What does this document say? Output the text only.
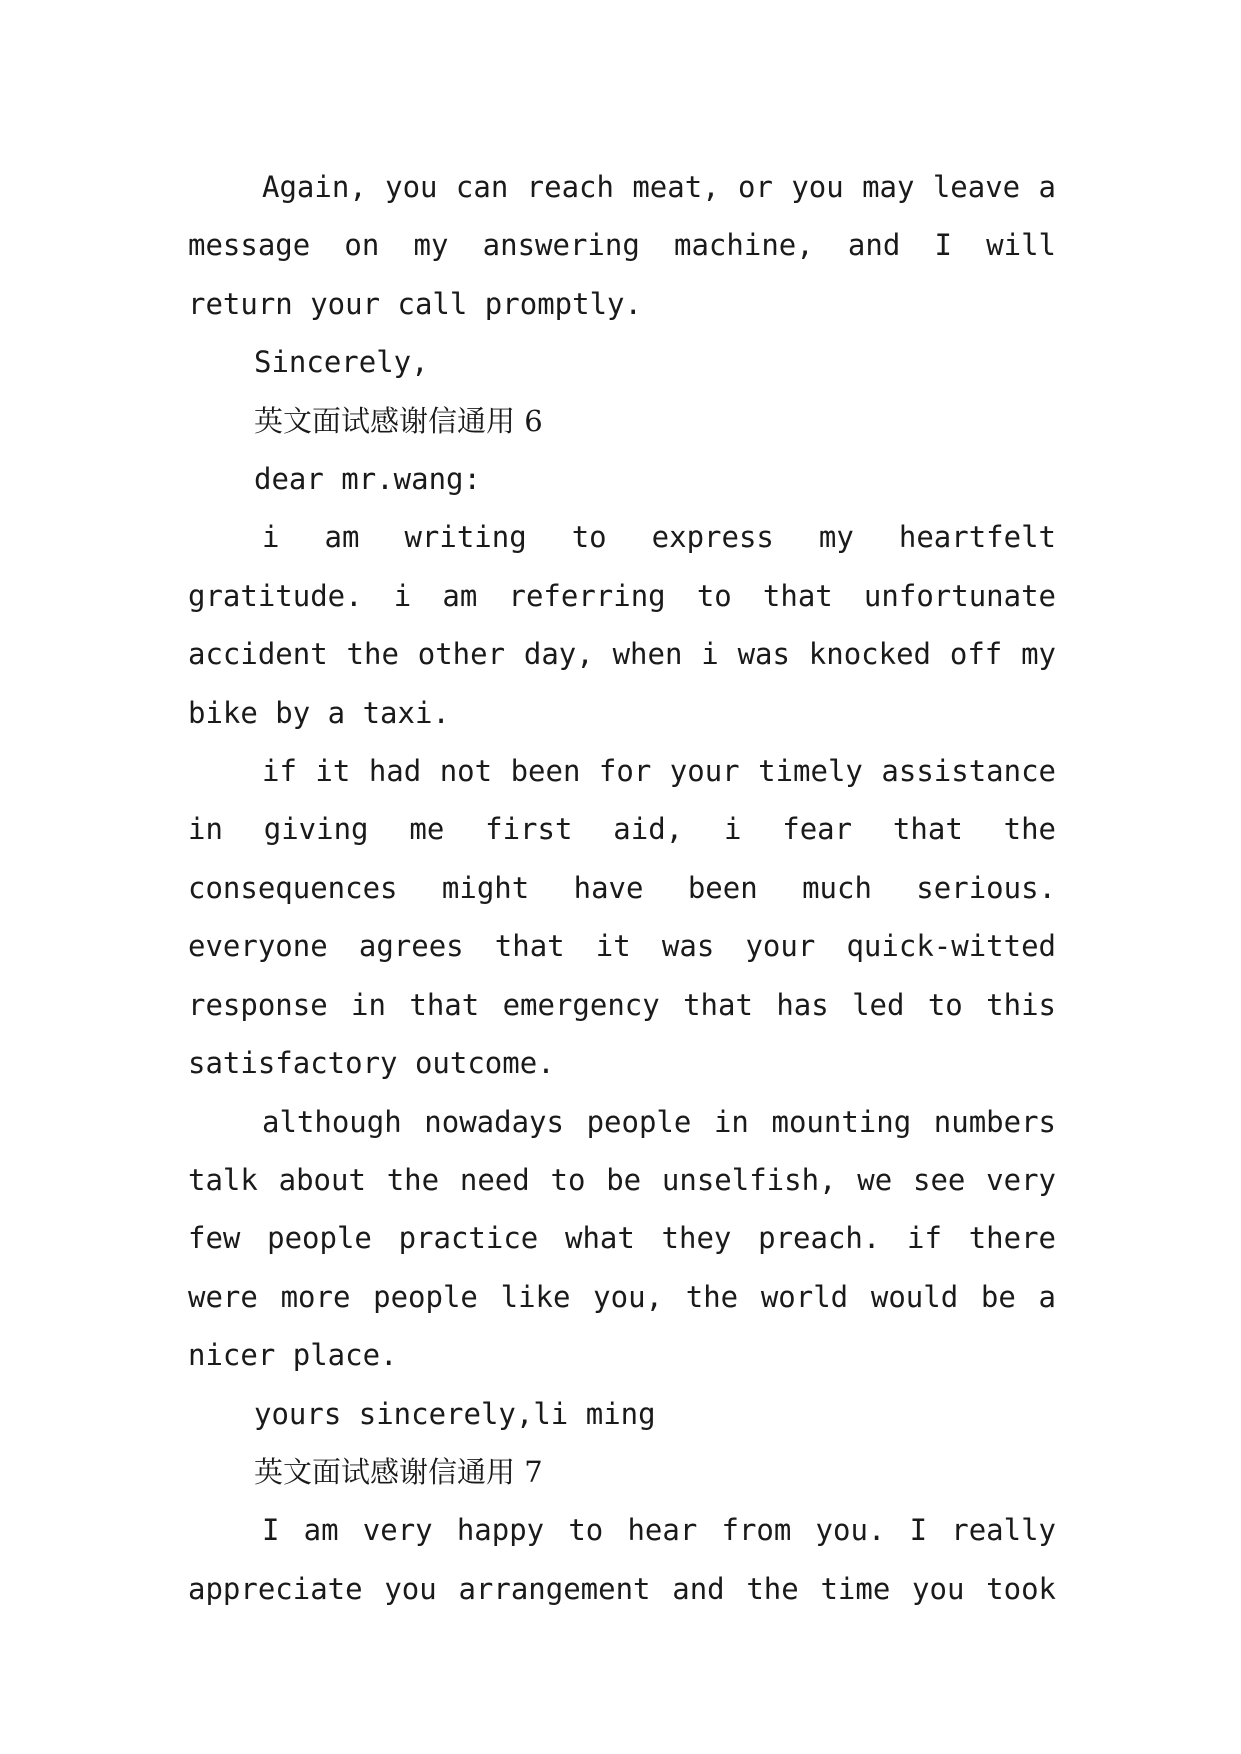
Again, you can reach meat, or you may leave a message on my answering machine, and I will return your call promptly.

Sincerely,

英文面试感谢信通用 6

dear mr.wang:

i am writing to express my heartfelt gratitude. i am referring to that unfortunate accident the other day, when i was knocked off my bike by a taxi.

if it had not been for your timely assistance in giving me first aid, i fear that the consequences might have been much serious. everyone agrees that it was your quick-witted response in that emergency that has led to this satisfactory outcome.

although nowadays people in mounting numbers talk about the need to be unselfish, we see very few people practice what they preach. if there were more people like you, the world would be a nicer place.

yours sincerely,li ming

英文面试感谢信通用 7

I am very happy to hear from you. I really appreciate you arrangement and the time you took
